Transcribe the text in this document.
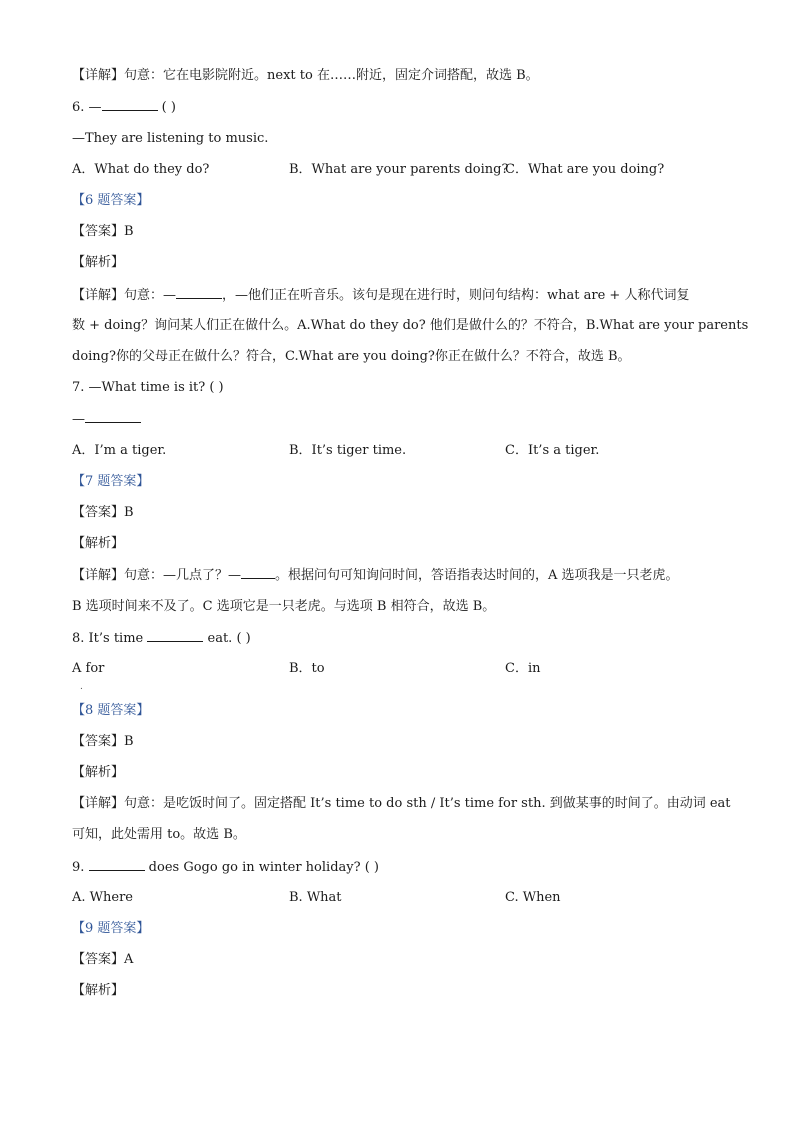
【详解】句意：它在电影院附近。next to 在……附近，固定介词搭配，故选 B。
6. —	( )
—They are listening to music.
A．What do they do?	B．What are your parents doing?
C．What are you doing?
【6 题答案】
【答案】B
【解析】
【详解】句意：—	，—他们正在听音乐。该句是现在进行时，则问句结构：what are + 人称代词复
数 + doing？询问某人们正在做什么。A.What do they do? 他们是做什么的？不符合，B.What are your parents
doing?你的父母正在做什么？符合，C.What are you doing?你正在做什么？不符合，故选 B。
7. —What time is it? ( )
—
A．I’m a tiger.	B．It’s tiger time.	C．It’s a tiger.
【7 题答案】
【答案】B
【解析】
【详解】句意：—几点了？—	。根据问句可知询问时间，答语指表达时间的，A 选项我是一只老虎。
B 选项时间来不及了。C 选项它是一只老虎。与选项 B 相符合，故选 B。
8. It’s time	eat. ( )
A for
.
B．to	C．in
【8 题答案】
【答案】B
【解析】
【详解】句意：是吃饭时间了。固定搭配 It’s time to do sth / It’s time for sth. 到做某事的时间了。由动词 eat
可知，此处需用 to。故选 B。
9.	does Gogo go in winter holiday? ( )
A. Where	B. What	C. When
【9 题答案】
【答案】A
【解析】
